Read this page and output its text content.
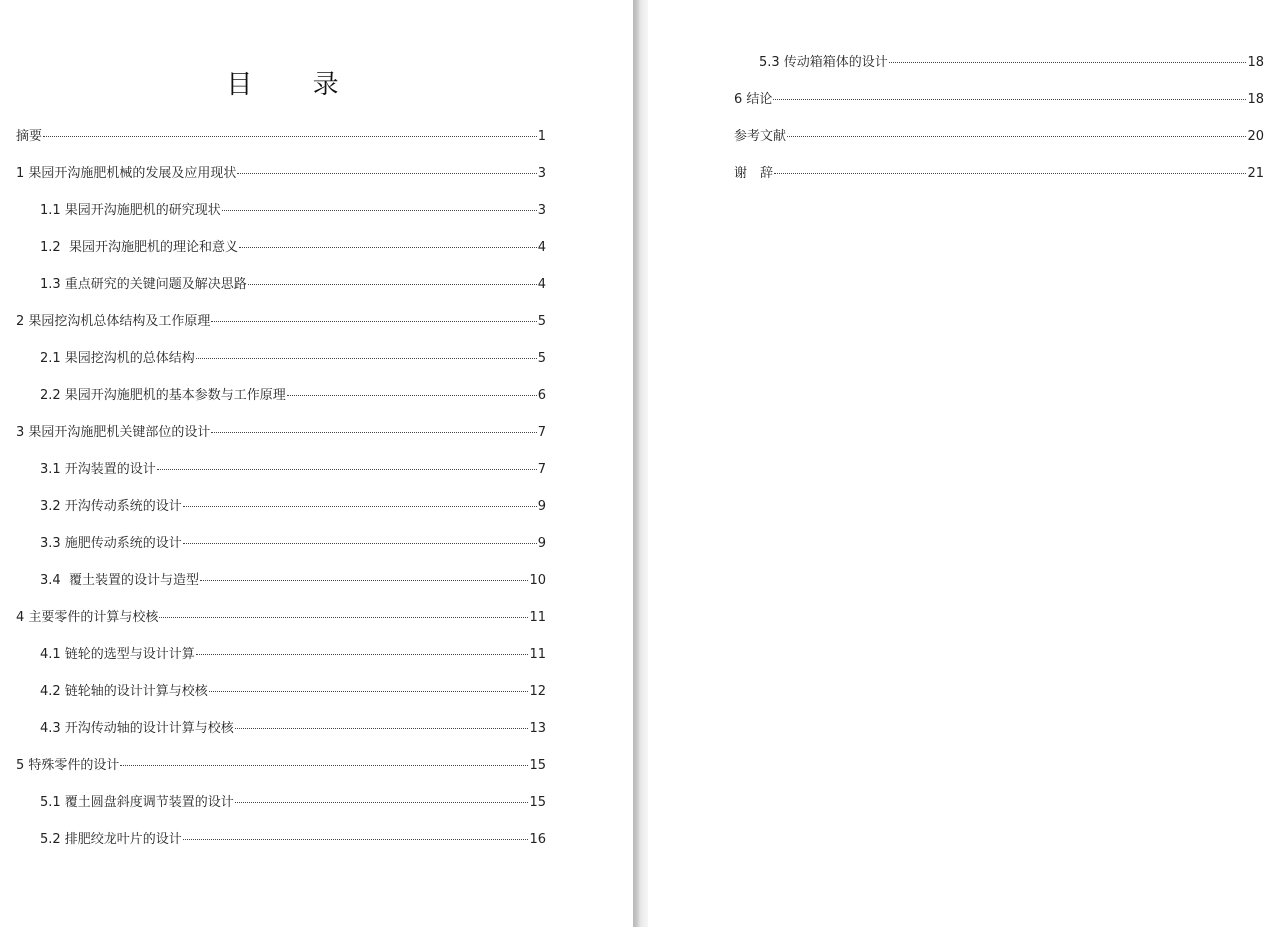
目 录
摘要	1
1 果园开沟施肥机械的发展及应用现状	3
1.1 果园开沟施肥机的研究现状	3
1.2  果园开沟施肥机的理论和意义	4
1.3 重点研究的关键问题及解决思路	4
2 果园挖沟机总体结构及工作原理	5
2.1 果园挖沟机的总体结构	5
2.2 果园开沟施肥机的基本参数与工作原理	6
3 果园开沟施肥机关键部位的设计	7
3.1 开沟装置的设计	7
3.2 开沟传动系统的设计	9
3.3 施肥传动系统的设计	9
3.4  覆土装置的设计与造型	10
4 主要零件的计算与校核	11
4.1 链轮的选型与设计计算	11
4.2 链轮轴的设计计算与校核	12
4.3 开沟传动轴的设计计算与校核	13
5 特殊零件的设计	15
5.1 覆土圆盘斜度调节装置的设计	15
5.2 排肥绞龙叶片的设计	16
5.3 传动箱箱体的设计	18
6 结论	18
参考文献	20
谢　辞	21
